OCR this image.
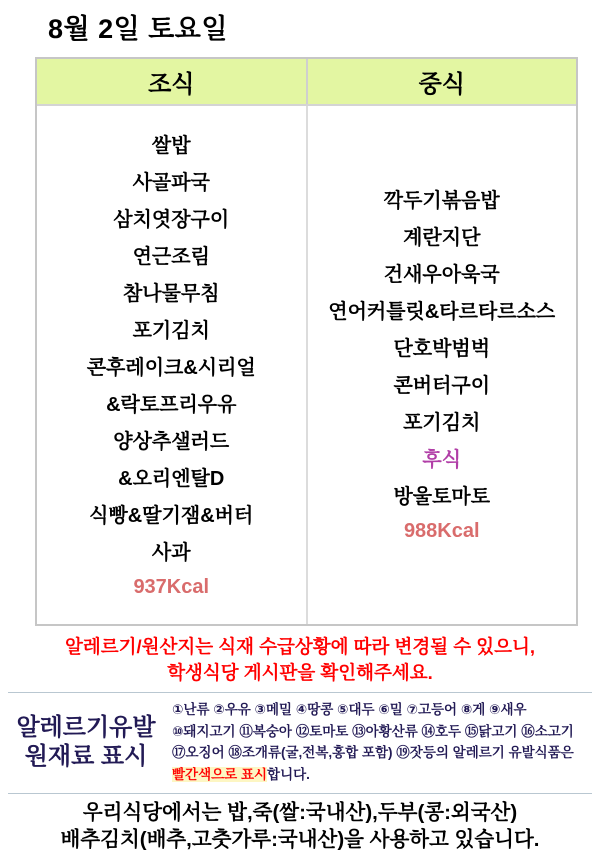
8월 2일 토요일
조식	중식
쌀밥
사골파국
삼치엿장구이
연근조림
참나물무침
포기김치
콘후레이크&시리얼
&락토프리우유
양상추샐러드
&오리엔탈D
식빵&딸기잼&버터
사과
937Kcal
깍두기볶음밥
계란지단
건새우아욱국
연어커틀릿&타르타르소스
단호박범벅
콘버터구이
포기김치
후식
방울토마토
988Kcal
알레르기/원산지는 식재 수급상황에 따라 변경될 수 있으니,
학생식당 게시판을 확인해주세요.
알레르기유발
원재료 표시
①난류 ②우유 ③메밀 ④땅콩 ⑤대두 ⑥밀 ⑦고등어 ⑧게 ⑨새우
⑩돼지고기 ⑪복숭아 ⑫토마토 ⑬아황산류 ⑭호두 ⑮닭고기 ⑯소고기
⑰오징어 ⑱조개류(굴,전복,홍합 포함) ⑲잣등의 알레르기 유발식품은
빨간색으로 표시합니다.
우리식당에서는 밥,죽(쌀:국내산),두부(콩:외국산)
배추김치(배추,고춧가루:국내산)을 사용하고 있습니다.
